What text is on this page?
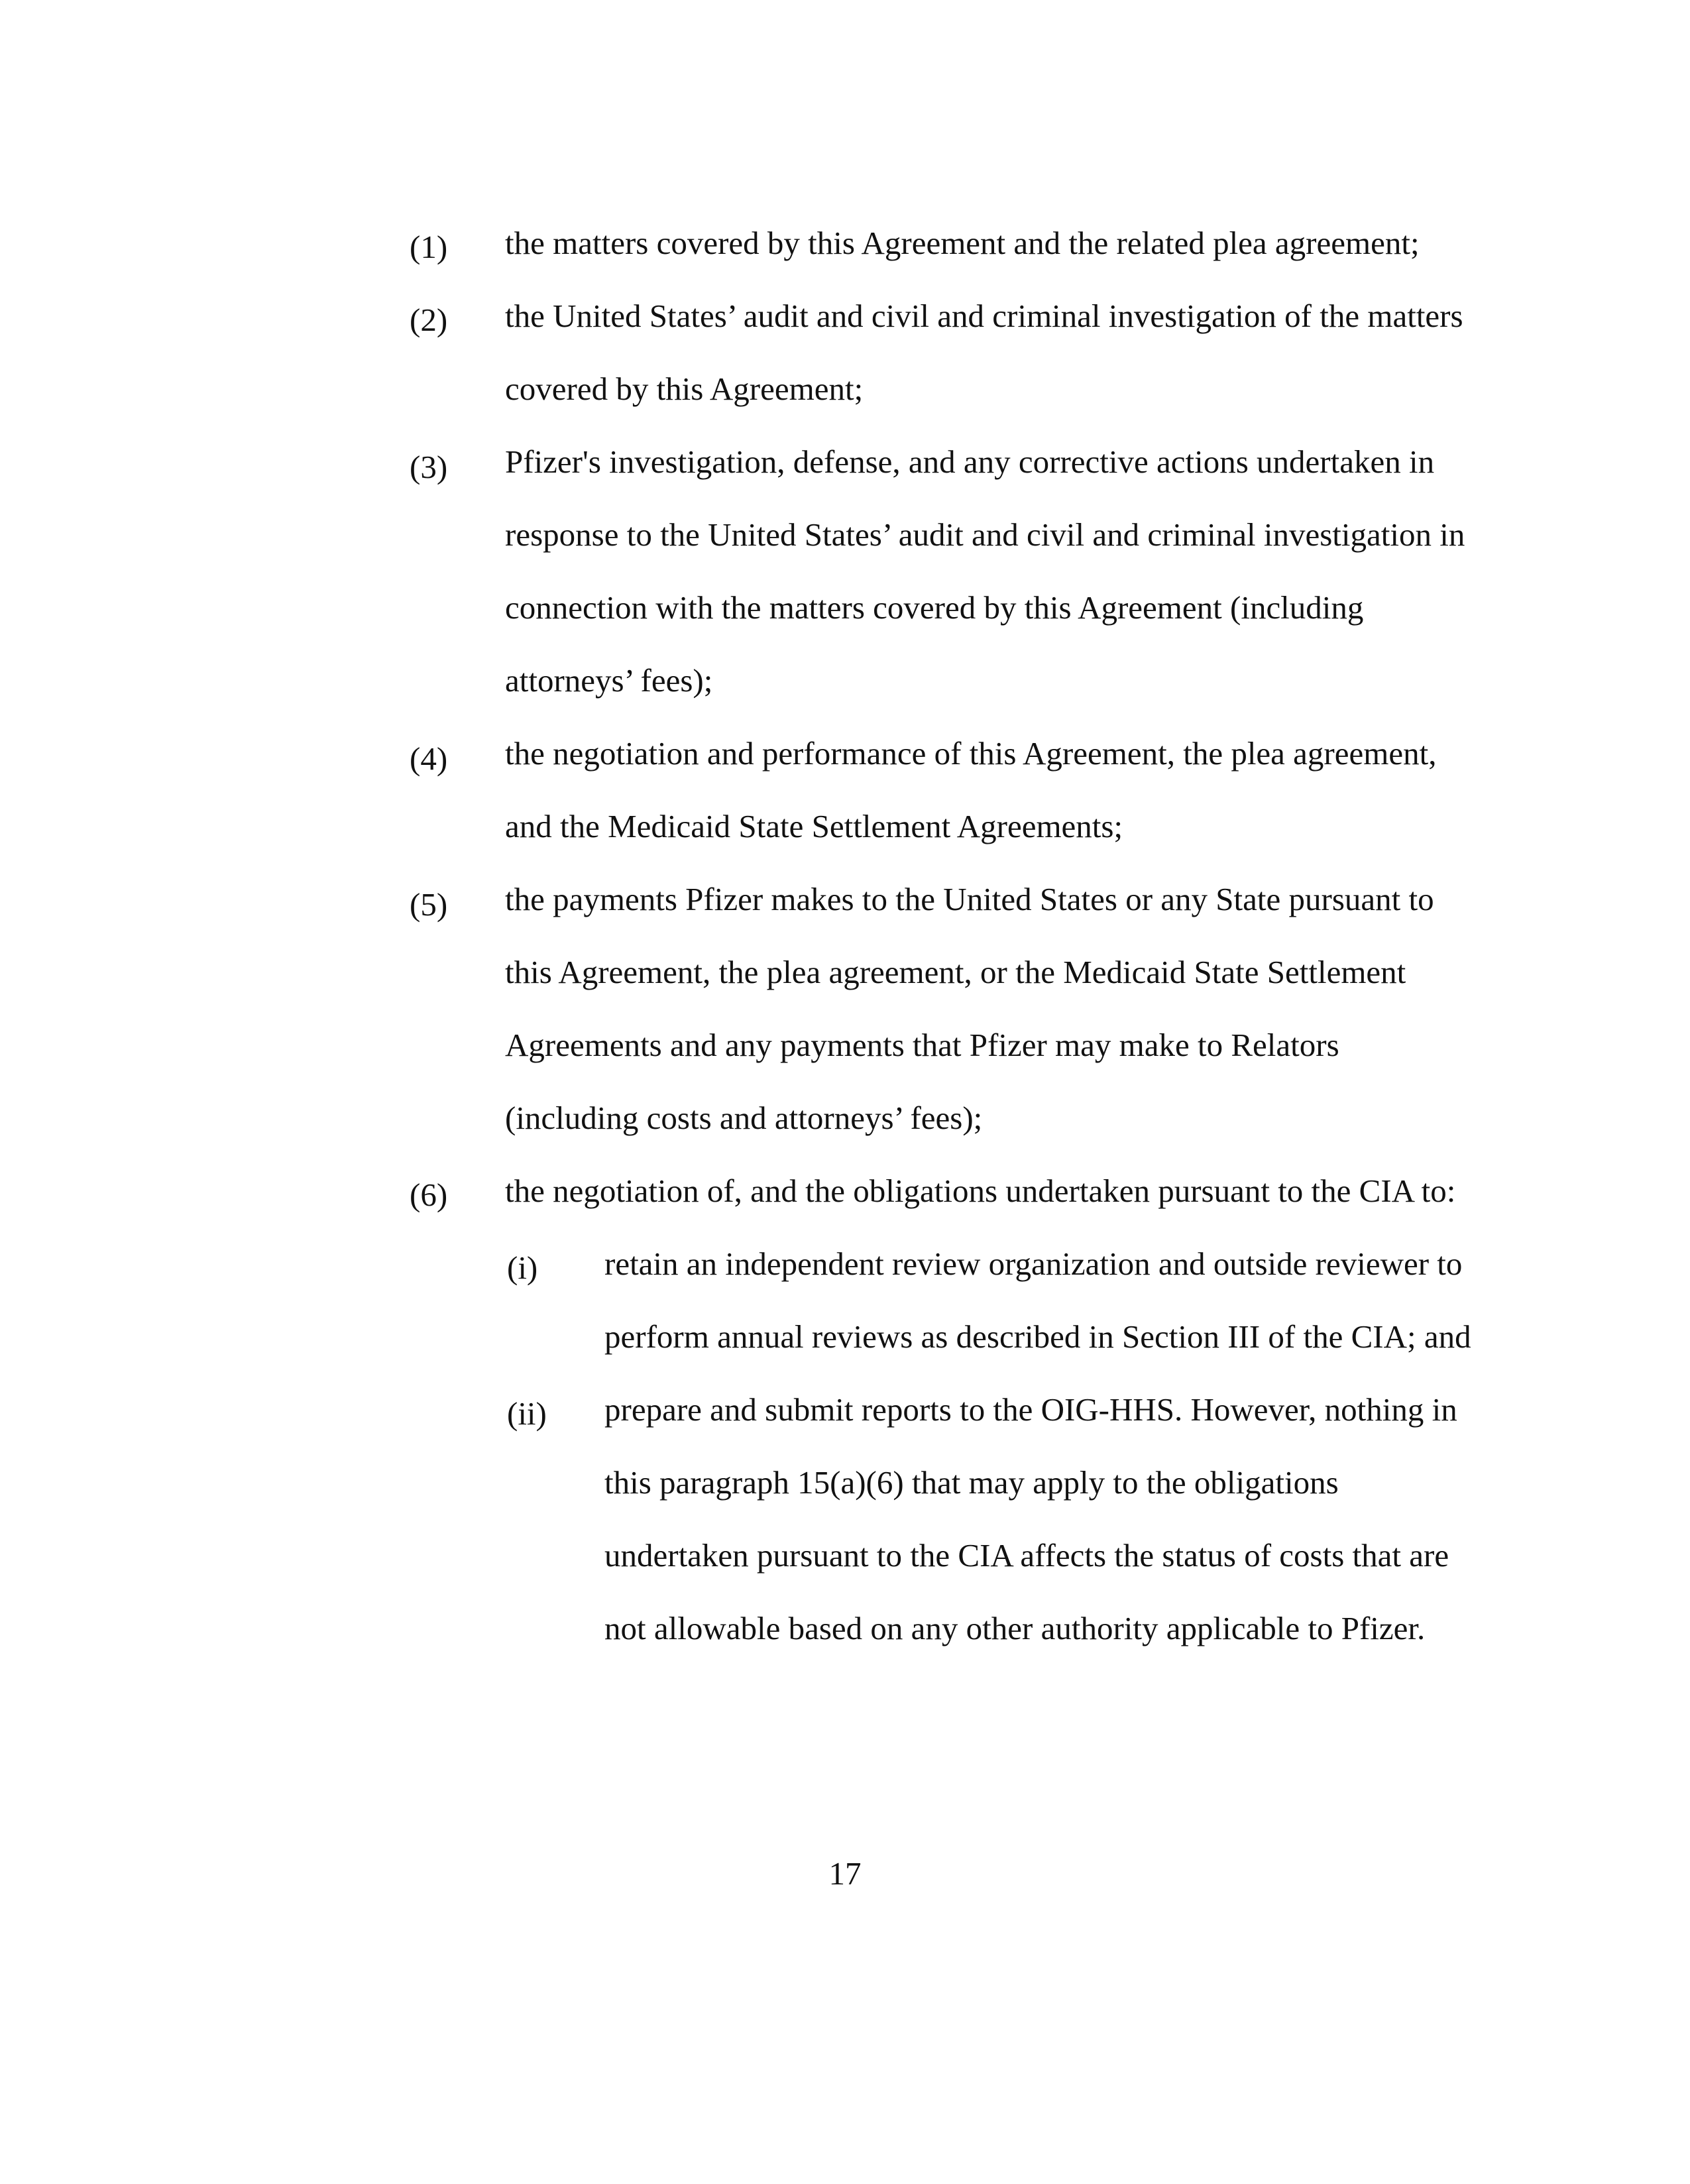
(1) the matters covered by this Agreement and the related plea agreement;
(2) the United States’ audit and civil and criminal investigation of the matters
covered by this Agreement;
(3) Pfizer's investigation, defense, and any corrective actions undertaken in
response to the United States’ audit and civil and criminal investigation in
connection with the matters covered by this Agreement (including
attorneys’ fees);
(4) the negotiation and performance of this Agreement, the plea agreement,
and the Medicaid State Settlement Agreements;
(5) the payments Pfizer makes to the United States or any State pursuant to
this Agreement, the plea agreement, or the Medicaid State Settlement
Agreements and any payments that Pfizer may make to Relators
(including costs and attorneys’ fees);
(6) the negotiation of, and the obligations undertaken pursuant to the CIA to:
(i) retain an independent review organization and outside reviewer to
perform annual reviews as described in Section III of the CIA; and
(ii) prepare and submit reports to the OIG-HHS. However, nothing in
this paragraph 15(a)(6) that may apply to the obligations
undertaken pursuant to the CIA affects the status of costs that are
not allowable based on any other authority applicable to Pfizer.
17
